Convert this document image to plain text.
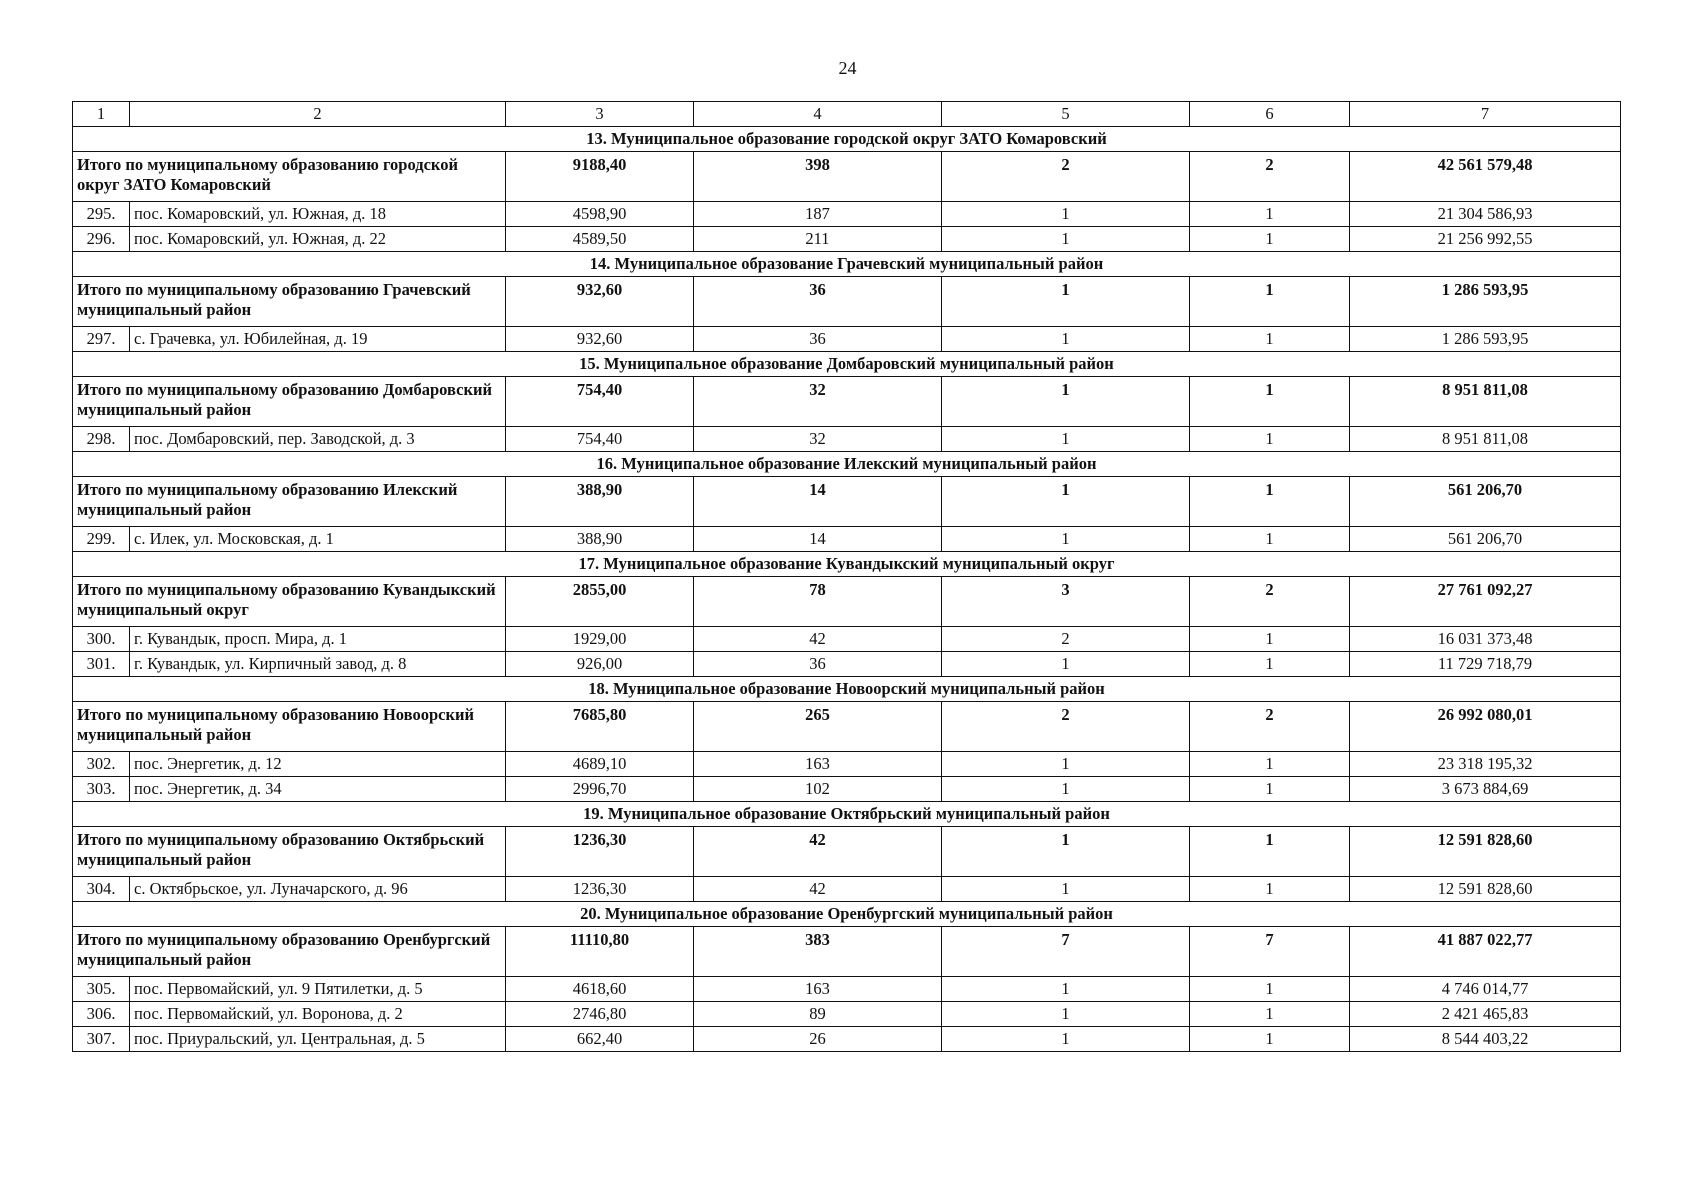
24
1	2	3	4	5	6	7
13. Муниципальное образование городской округ ЗАТО Комаровский						
Итого по муниципальному образованию городской округ ЗАТО Комаровский		9188,40	398	2	2	42 561 579,48
295.	пос. Комаровский, ул. Южная, д. 18	4598,90	187	1	1	21 304 586,93
296.	пос. Комаровский, ул. Южная, д. 22	4589,50	211	1	1	21 256 992,55
14. Муниципальное образование Грачевский муниципальный район						
Итого по муниципальному образованию Грачевский муниципальный район		932,60	36	1	1	1 286 593,95
297.	с. Грачевка, ул. Юбилейная, д. 19	932,60	36	1	1	1 286 593,95
15. Муниципальное образование Домбаровский муниципальный район						
Итого по муниципальному образованию Домбаровский муниципальный район		754,40	32	1	1	8 951 811,08
298.	пос. Домбаровский, пер. Заводской, д. 3	754,40	32	1	1	8 951 811,08
16. Муниципальное образование Илекский муниципальный район						
Итого по муниципальному образованию Илекский муниципальный район		388,90	14	1	1	561 206,70
299.	с. Илек, ул. Московская, д. 1	388,90	14	1	1	561 206,70
17. Муниципальное образование Кувандыкский муниципальный округ						
Итого по муниципальному образованию Кувандыкский муниципальный округ		2855,00	78	3	2	27 761 092,27
300.	г. Кувандык, просп. Мира, д. 1	1929,00	42	2	1	16 031 373,48
301.	г. Кувандык, ул. Кирпичный завод, д. 8	926,00	36	1	1	11 729 718,79
18. Муниципальное образование Новоорский муниципальный район						
Итого по муниципальному образованию Новоорский муниципальный район		7685,80	265	2	2	26 992 080,01
302.	пос. Энергетик, д. 12	4689,10	163	1	1	23 318 195,32
303.	пос. Энергетик, д. 34	2996,70	102	1	1	3 673 884,69
19. Муниципальное образование Октябрьский муниципальный район						
Итого по муниципальному образованию Октябрьский муниципальный район		1236,30	42	1	1	12 591 828,60
304.	с. Октябрьское, ул. Луначарского, д. 96	1236,30	42	1	1	12 591 828,60
20. Муниципальное образование Оренбургский муниципальный район						
Итого по муниципальному образованию Оренбургский муниципальный район		11110,80	383	7	7	41 887 022,77
305.	пос. Первомайский, ул. 9 Пятилетки, д. 5	4618,60	163	1	1	4 746 014,77
306.	пос. Первомайский, ул. Воронова, д. 2	2746,80	89	1	1	2 421 465,83
307.	пос. Приуральский, ул. Центральная, д. 5	662,40	26	1	1	8 544 403,22
